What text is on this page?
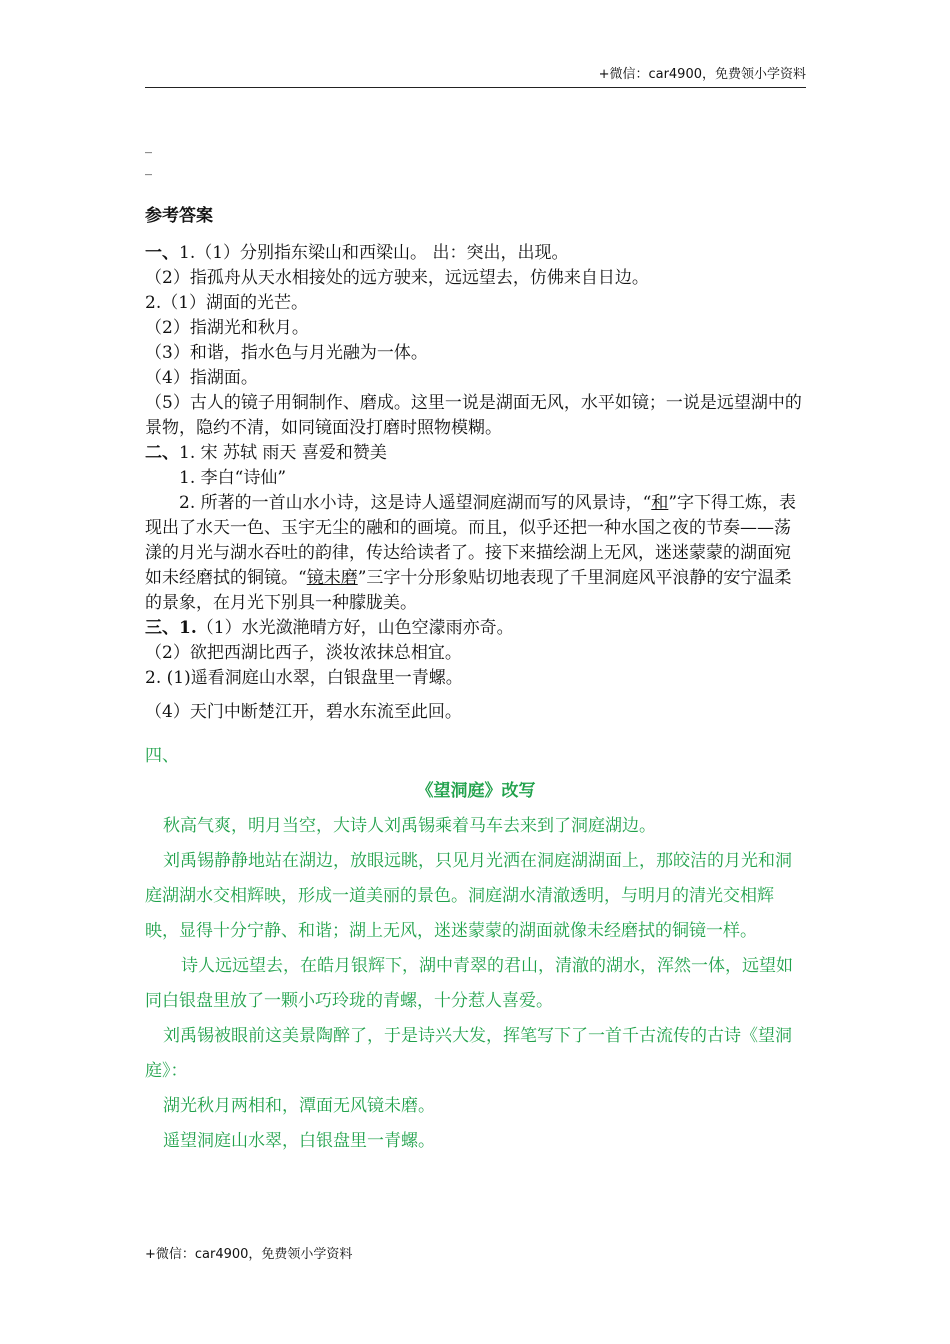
+微信：car4900，免费领小学资料
_
_

参考答案

一、1.（1）分别指东梁山和西梁山。 出：突出，出现。

（2）指孤舟从天水相接处的远方驶来，远远望去，仿佛来自日边。

2.（1）湖面的光芒。

（2）指湖光和秋月。

（3）和谐，指水色与月光融为一体。

（4）指湖面。

（5）古人的镜子用铜制作、磨成。这里一说是湖面无风，水平如镜；一说是远望湖中的景物，隐约不清，如同镜面没打磨时照物模糊。

二、1. 宋 苏轼 雨天 喜爱和赞美

1. 李白“诗仙”

2. 所著的一首山水小诗，这是诗人遥望洞庭湖而写的风景诗，“和”字下得工炼，表现出了水天一色、玉宇无尘的融和的画境。而且，似乎还把一种水国之夜的节奏——荡漾的月光与湖水吞吐的韵律，传达给读者了。接下来描绘湖上无风，迷迷蒙蒙的湖面宛如未经磨拭的铜镜。“镜未磨”三字十分形象贴切地表现了千里洞庭风平浪静的安宁温柔的景象，在月光下别具一种朦胧美。

三、1.（1）水光潋滟晴方好，山色空濛雨亦奇。

（2）欲把西湖比西子，淡妆浓抹总相宜。

2. (1)遥看洞庭山水翠，白银盘里一青螺。

（4）天门中断楚江开，碧水东流至此回。

四、

《望洞庭》改写

秋高气爽，明月当空，大诗人刘禹锡乘着马车去来到了洞庭湖边。

刘禹锡静静地站在湖边，放眼远眺，只见月光洒在洞庭湖湖面上，那皎洁的月光和洞庭湖湖水交相辉映，形成一道美丽的景色。洞庭湖水清澈透明，与明月的清光交相辉映，显得十分宁静、和谐；湖上无风，迷迷蒙蒙的湖面就像未经磨拭的铜镜一样。

诗人远远望去，在皓月银辉下，湖中青翠的君山，清澈的湖水，浑然一体，远望如同白银盘里放了一颗小巧玲珑的青螺，十分惹人喜爱。

刘禹锡被眼前这美景陶醉了，于是诗兴大发，挥笔写下了一首千古流传的古诗《望洞庭》：

湖光秋月两相和，潭面无风镜未磨。

遥望洞庭山水翠，白银盘里一青螺。

+微信：car4900，免费领小学资料
